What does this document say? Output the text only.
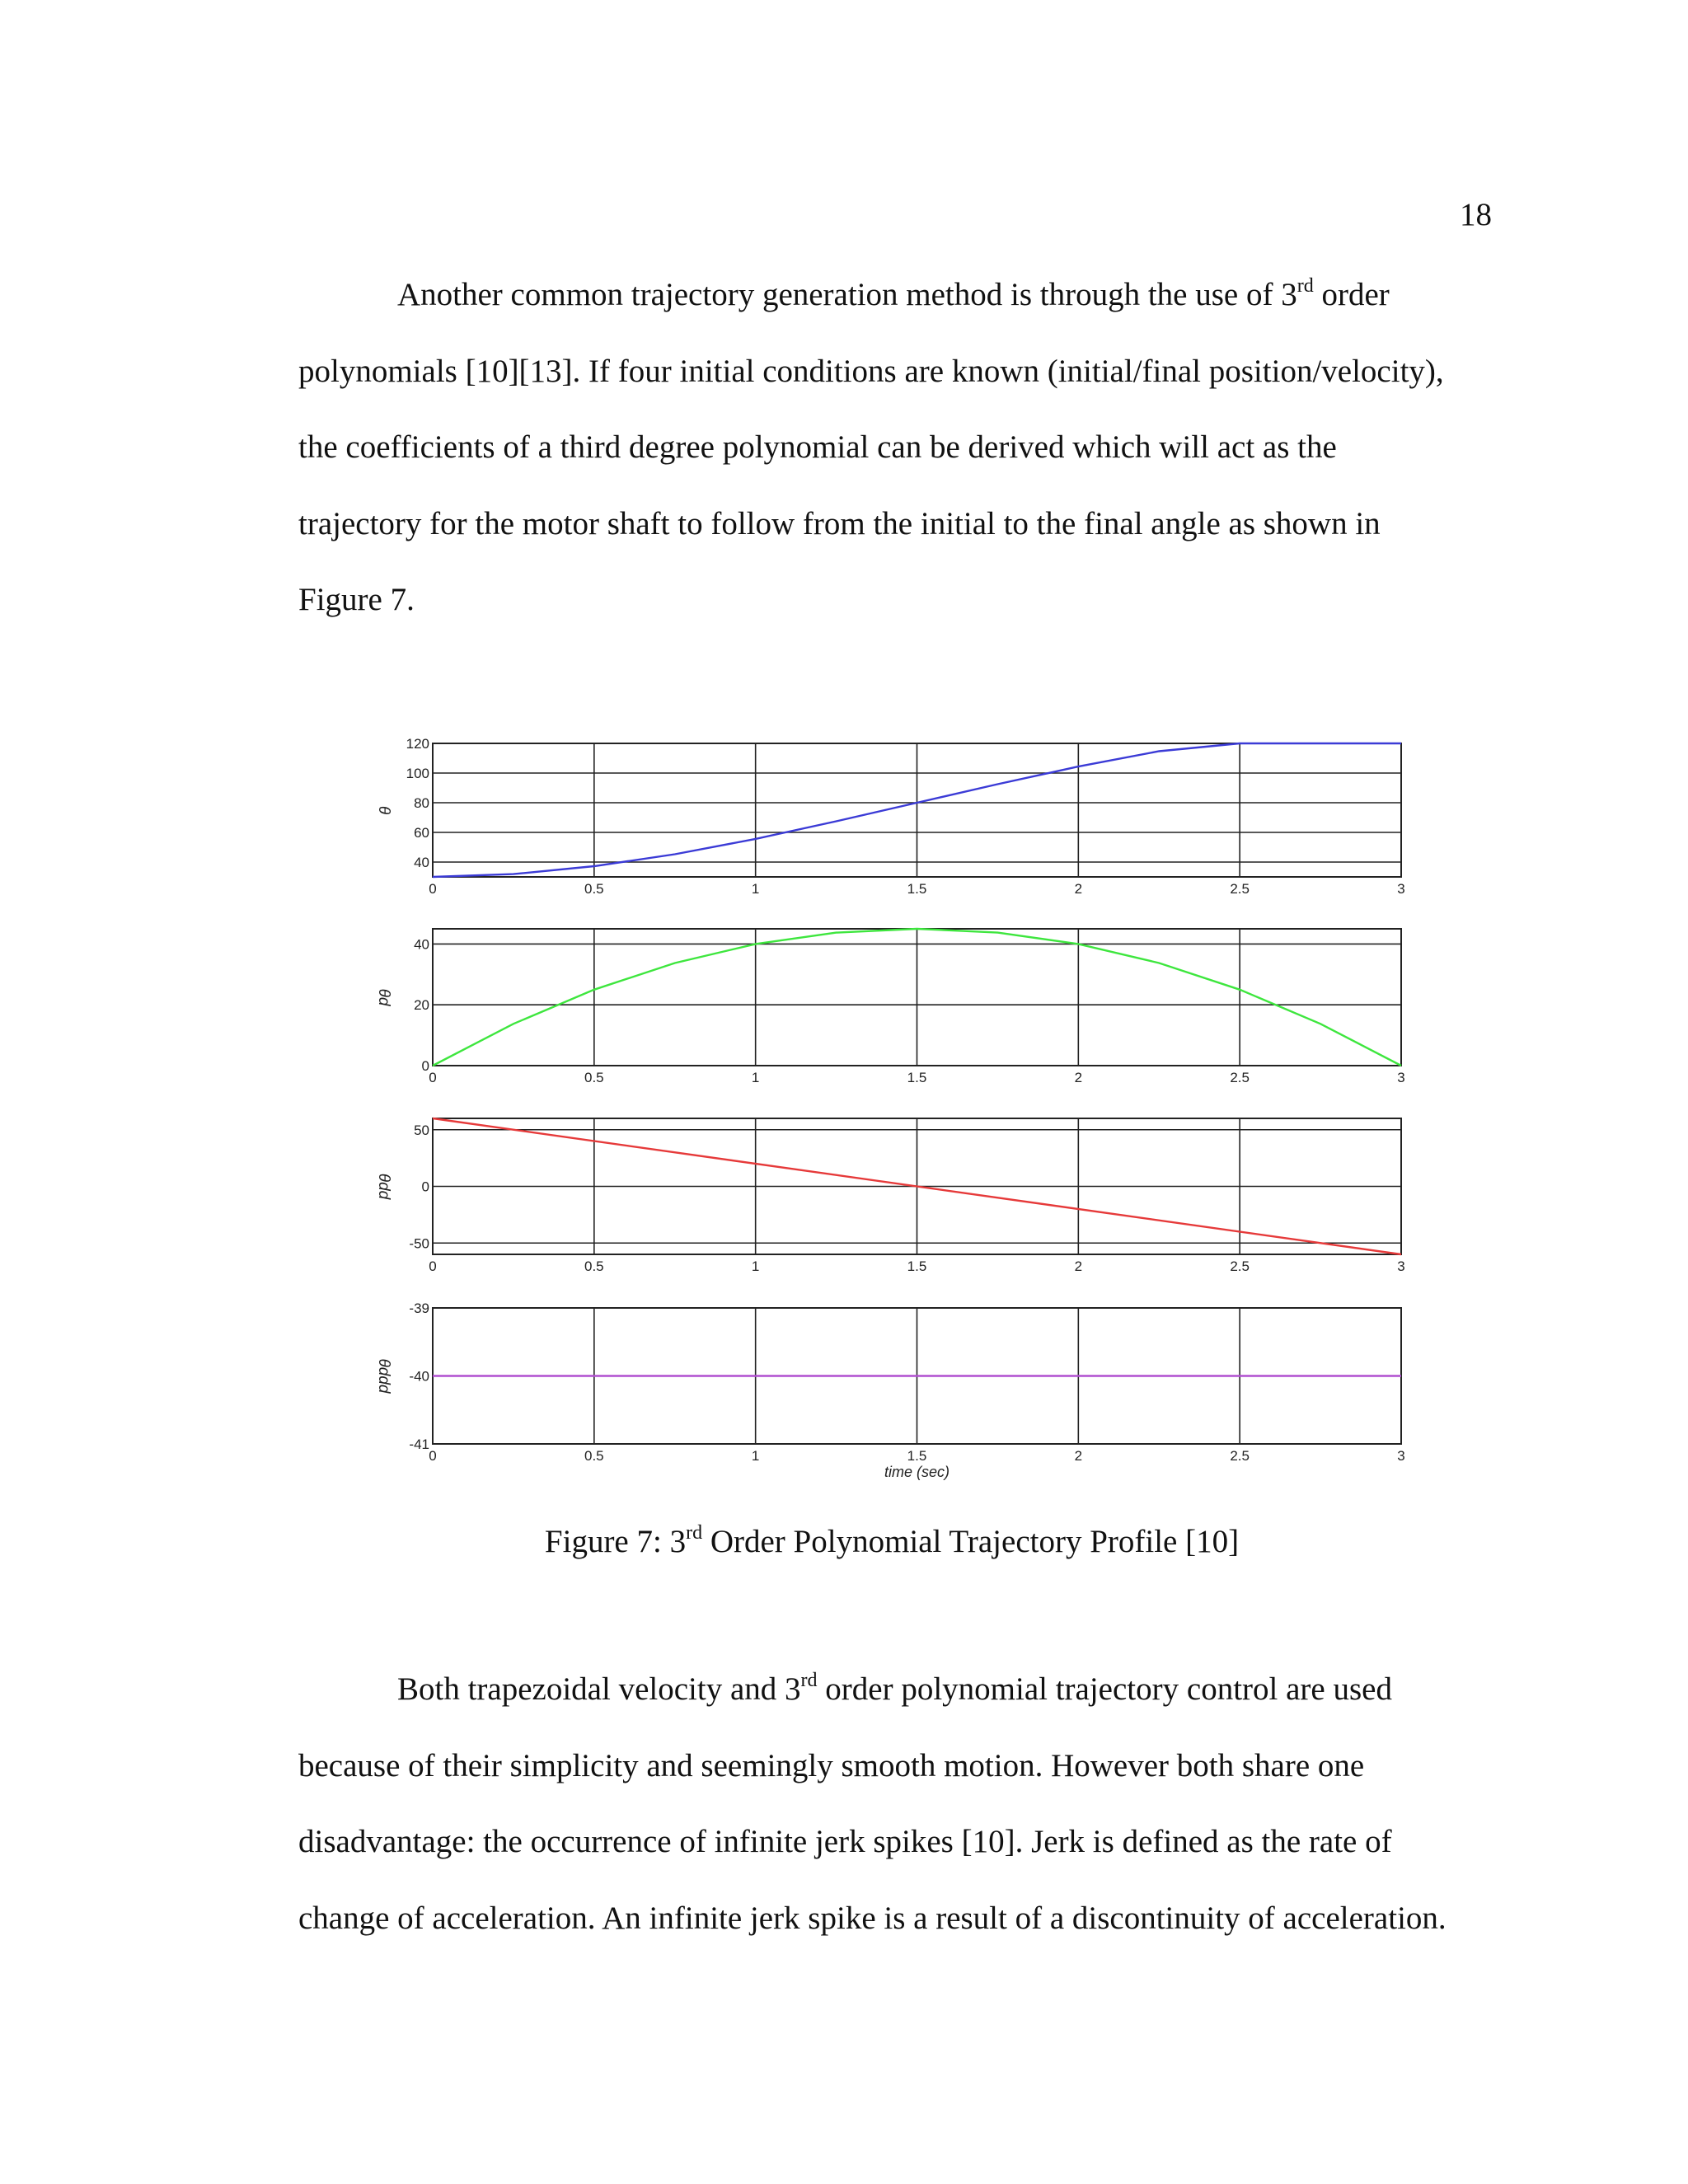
18

Another common trajectory generation method is through the use of 3rd order
polynomials [10][13]. If four initial conditions are known (initial/final position/velocity),
the coefficients of a third degree polynomial can be derived which will act as the
trajectory for the motor shaft to follow from the initial to the final angle as shown in
Figure 7.

0	0.5	1	1.5	2	2.5	3
40
60
80
100
120
θ
0	0.5	1	1.5	2	2.5	3
0
20
40
θd
0	0.5	1	1.5	2	2.5	3
-50
0
50
θdd
0	0.5	1	1.5	2	2.5	3
-41
-40
-39
θddd
time (sec)
Figure 7: 3rd Order Polynomial Trajectory Profile [10]

Both trapezoidal velocity and 3rd order polynomial trajectory control are used
because of their simplicity and seemingly smooth motion. However both share one
disadvantage: the occurrence of infinite jerk spikes [10]. Jerk is defined as the rate of
change of acceleration. An infinite jerk spike is a result of a discontinuity of acceleration.
